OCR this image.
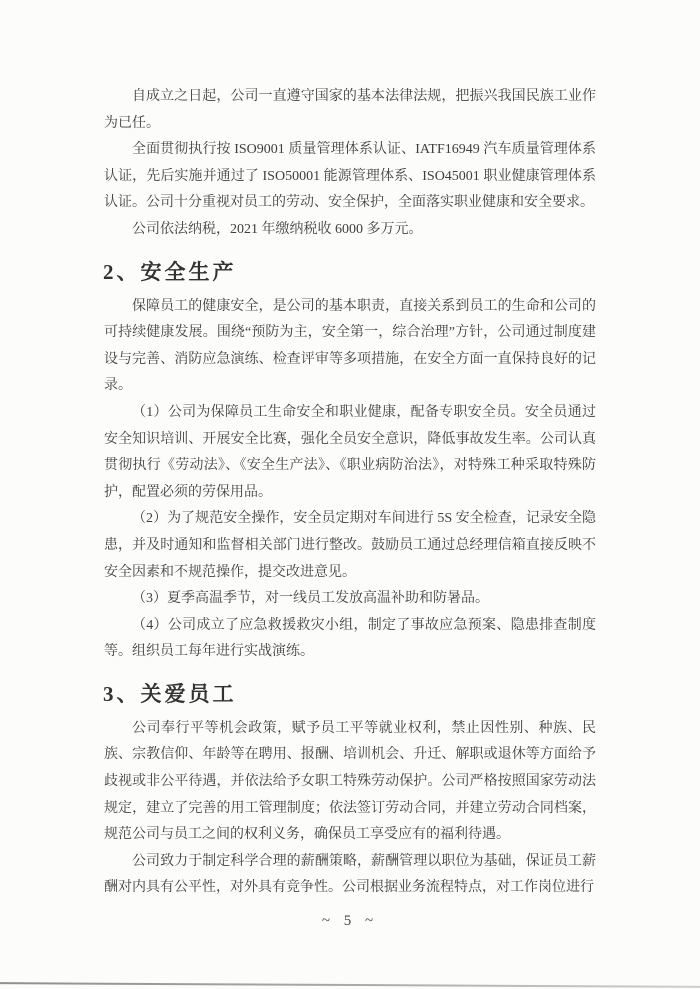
自成立之日起，公司一直遵守国家的基本法律法规，把振兴我国民族工业作为已任。

全面贯彻执行按 ISO9001 质量管理体系认证、IATF16949 汽车质量管理体系认证，先后实施并通过了 ISO50001 能源管理体系、ISO45001 职业健康管理体系认证。公司十分重视对员工的劳动、安全保护，全面落实职业健康和安全要求。

公司依法纳税，2021 年缴纳税收 6000 多万元。

2、安全生产

保障员工的健康安全，是公司的基本职责，直接关系到员工的生命和公司的可持续健康发展。围绕“预防为主，安全第一，综合治理”方针，公司通过制度建设与完善、消防应急演练、检查评审等多项措施，在安全方面一直保持良好的记录。

（1）公司为保障员工生命安全和职业健康，配备专职安全员。安全员通过安全知识培训、开展安全比赛，强化全员安全意识，降低事故发生率。公司认真贯彻执行《劳动法》、《安全生产法》、《职业病防治法》，对特殊工种采取特殊防护，配置必须的劳保用品。

（2）为了规范安全操作，安全员定期对车间进行 5S 安全检查，记录安全隐患，并及时通知和监督相关部门进行整改。鼓励员工通过总经理信箱直接反映不安全因素和不规范操作，提交改进意见。

（3）夏季高温季节，对一线员工发放高温补助和防暑品。

（4）公司成立了应急救援救灾小组，制定了事故应急预案、隐患排查制度等。组织员工每年进行实战演练。

3、关爱员工

公司奉行平等机会政策，赋予员工平等就业权利，禁止因性别、种族、民族、宗教信仰、年龄等在聘用、报酬、培训机会、升迁、解职或退休等方面给予歧视或非公平待遇，并依法给予女职工特殊劳动保护。公司严格按照国家劳动法规定，建立了完善的用工管理制度；依法签订劳动合同，并建立劳动合同档案，规范公司与员工之间的权利义务，确保员工享受应有的福利待遇。

公司致力于制定科学合理的薪酬策略，薪酬管理以职位为基础，保证员工薪酬对内具有公平性，对外具有竞争性。公司根据业务流程特点，对工作岗位进行

~ 5 ~
